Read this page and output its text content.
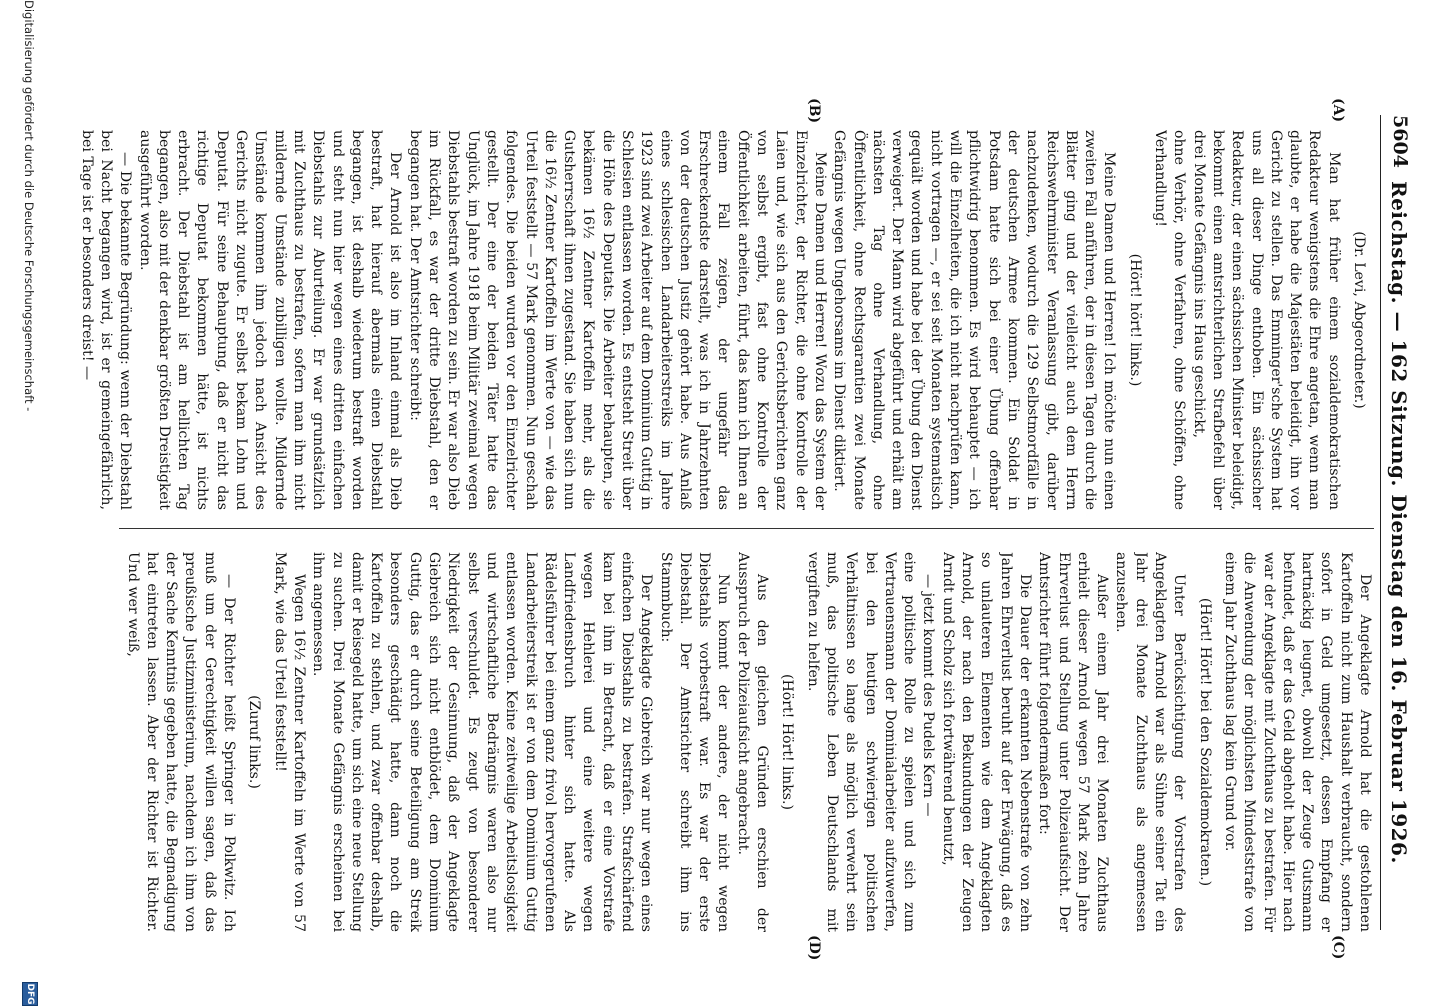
5604
Reichstag. — 162 Sitzung. Dienstag den 16. Februar 1926.
(A)
(B)
(C)
(D)

(Dr. Levi, Abgeordneter.)

Man hat früher einem sozialdemokratischen Redakteur wenigstens die Ehre angetan, wenn man glaubte, er habe die Majestäten beleidigt, ihn vor Gericht zu stellen. Das Emminger'sche System hat uns all dieser Dinge enthoben. Ein sächsischer Redakteur, der einen sächsischen Minister beleidigt, bekommt einen amtsrichterlichen Strafbefehl über drei Monate Gefängnis ins Haus geschickt,

ohne Verhör, ohne Verfahren, ohne Schöffen, ohne Verhandlung!

(Hört! hört! links.)

Meine Damen und Herren! Ich möchte nun einen zweiten Fall anführen, der in diesen Tagen durch die Blätter ging und der vielleicht auch dem Herrn Reichswehrminister Veranlassung gibt, darüber nachzudenken, wodurch die 129 Selbstmordfälle in der deutschen Armee kommen. Ein Soldat in Potsdam hatte sich bei einer Übung offenbar pflichtwidrig benommen. Es wird behauptet — ich will die Einzelheiten, die ich nicht nachprüfen kann, nicht vortragen —, er sei seit Monaten systematisch gequält worden und habe bei der Übung den Dienst verweigert. Der Mann wird abgeführt und erhält am nächsten Tag ohne Verhandlung, ohne Öffentlichkeit, ohne Rechtsgarantien zwei Monate Gefängnis wegen Ungehorsams im Dienst diktiert.

Meine Damen und Herren! Wozu das System der Einzelrichter, der Richter, die ohne Kontrolle der Laien und, wie sich aus den Gerichtsberichten ganz von selbst ergibt, fast ohne Kontrolle der Öffentlichkeit arbeiten, führt, das kann ich Ihnen an einem Fall zeigen, der ungefähr das Erschreckendste darstellt, was ich in Jahrzehnten von der deutschen Justiz gehört habe. Aus Anlaß eines schlesischen Landarbeiterstreiks im Jahre 1923 sind zwei Arbeiter auf dem Dominium Guttig in Schlesien entlassen worden. Es entsteht Streit über die Höhe des Deputats. Die Arbeiter behaupten, sie bekämen 16½ Zentner Kartoffeln mehr, als die Gutsherrschaft ihnen zugestand. Sie haben sich nun die 16½ Zentner Kartoffeln im Werte von — wie das Urteil feststellt — 57 Mark genommen. Nun geschah folgendes. Die beiden wurden vor den Einzelrichter gestellt. Der eine der beiden Täter hatte das Unglück, im Jahre 1918 beim Militär zweimal wegen Diebstahls bestraft worden zu sein. Er war also Dieb im Rückfall, es war der dritte Diebstahl, den er begangen hat. Der Amtsrichter schreibt:

Der Arnold ist also im Inland einmal als Dieb bestraft, hat hierauf abermals einen Diebstahl begangen, ist deshalb wiederum bestraft worden und steht nun hier wegen eines dritten einfachen Diebstahls zur Aburteilung. Er war grundsätzlich mit Zuchthaus zu bestrafen, sofern man ihm nicht mildernde Umstände zubilligen wollte. Mildernde Umstände kommen ihm jedoch nach Ansicht des Gerichts nicht zugute. Er selbst bekam Lohn und Deputat. Für seine Behauptung, daß er nicht das richtige Deputat bekommen hätte, ist nichts erbracht. Der Diebstahl ist am hellichten Tag begangen, also mit der denkbar größten Dreistigkeit ausgeführt worden.

— Die bekannte Begründung: wenn der Diebstahl bei Nacht begangen wird, ist er gemeingefährlich, bei Tage ist er besonders dreist! —

Der Angeklagte Arnold hat die gestohlenen Kartoffeln nicht zum Haushalt verbraucht, sondern sofort in Geld umgesetzt, dessen Empfang er hartnäckig leugnet, obwohl der Zeuge Gutsmann befundet, daß er das Geld abgeholt habe. Hier nach war der Angeklagte mit Zuchthaus zu bestrafen. Für die Anwendung der möglichsten Mindeststrafe von einem Jahr Zuchthaus lag kein Grund vor.

(Hört! Hört! bei den Sozialdemokraten.)

Unter Berücksichtigung der Vorstrafen des Angeklagten Arnold war als Sühne seiner Tat ein Jahr drei Monate Zuchthaus als angemessen anzusehen.

Außer einem Jahr drei Monaten Zuchthaus erhielt dieser Arnold wegen 57 Mark zehn Jahre Ehrverlust und Stellung unter Polizeiaufsicht. Der Amtsrichter führt folgendermaßen fort:

Die Dauer der erkannten Nebenstrafe von zehn Jahren Ehrverlust beruht auf der Erwägung, daß es so unlauteren Elementen wie dem Angeklagten Arnold, der nach den Bekundungen der Zeugen Arndt und Scholz sich fortwährend benutzt,

— jetzt kommt des Pudels Kern —

eine politische Rolle zu spielen und sich zum Vertrauensmann der Dominialarbeiter aufzuwerfen, bei den heutigen schwierigen politischen Verhältnissen so lange als möglich verwehrt sein muß, das politische Leben Deutschlands mit vergiften zu helfen.

(Hört! Hört! links.)

Aus den gleichen Gründen erschien der Ausspruch der Polizeiaufsicht angebracht.

Nun kommt der andere, der nicht wegen Diebstahls vorbestraft war. Es war der erste Diebstahl. Der Amtsrichter schreibt ihm ins Stammbuch:

Der Angeklagte Giebreich war nur wegen eines einfachen Diebstahls zu bestrafen. Strafschärfend kam bei ihm in Betracht, daß er eine Vorstrafe wegen Hehlerei und eine weitere wegen Landfriedensbruch hinter sich hatte. Als Rädelsführer bei einem ganz frivol hervorgerufenen Landarbeiterstreik ist er von dem Dominium Guttig entlassen worden. Keine zeitweilige Arbeitslosigkeit und wirtschaftliche Bedrängnis waren also nur selbst verschuldet. Es zeugt von besonderer Niedrigkeit der Gesinnung, daß der Angeklagte Giebreich sich nicht entblödet, dem Dominium Guttig, das er durch seine Beteiligung am Streik besonders geschädigt hatte, dann noch die Kartoffeln zu stehlen, und zwar offenbar deshalb, damit er Reisegeld hatte, um sich eine neue Stellung zu suchen. Drei Monate Gefängnis erscheinen bei ihm angemessen.

Wegen 16½ Zentner Kartoffeln im Werte von 57 Mark, wie das Urteil feststellt!

(Zuruf links.)

— Der Richter heißt Springer in Polkwitz. Ich muß um der Gerechtigkeit willen sagen, daß das preußische Justizministerium, nachdem ich ihm von der Sache Kenntnis gegeben hatte, die Begnadigung hat eintreten lassen. Aber der Richter ist Richter. Und wer weiß,

Digitalisierung gefördert durch die Deutsche Forschungsgemeinschaft -
DFG
